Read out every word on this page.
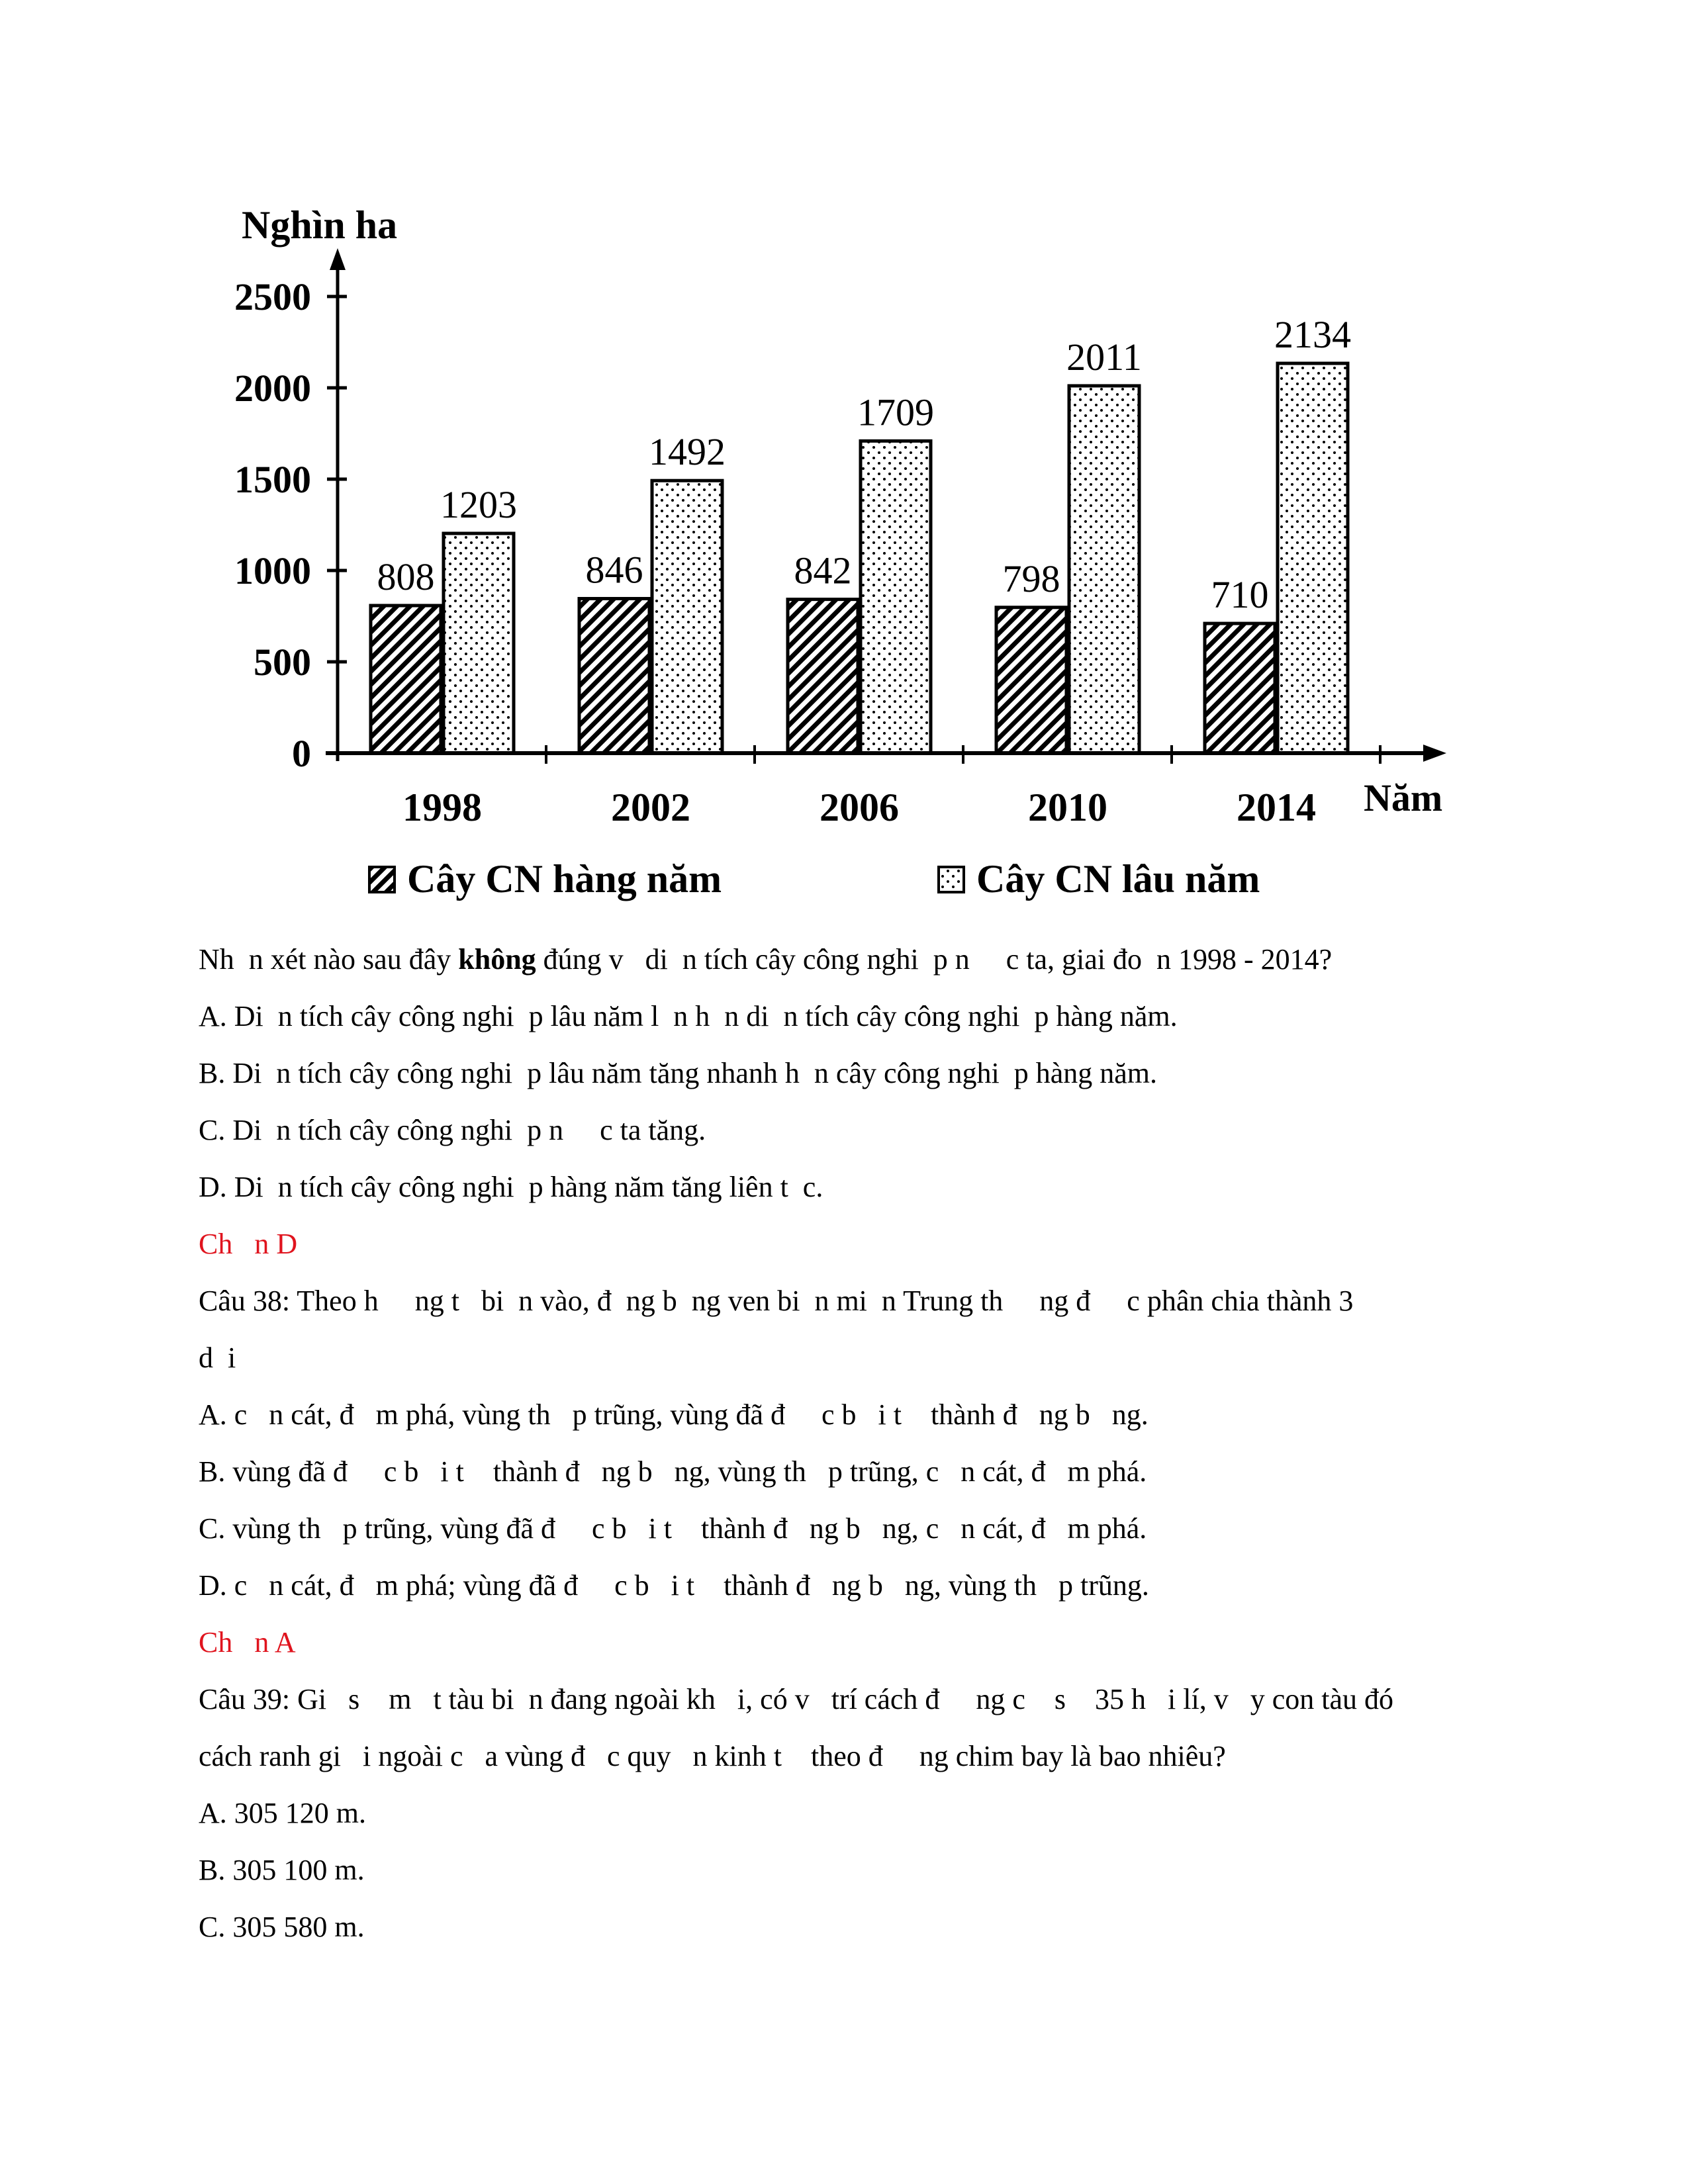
Nghìn ha
0
500
1000
1500
2000
2500
808
1203
846
1492
842
1709
798
2011
710
2134
1998	2002	2006	2010	2014 Năm
Cây CN hàng năm	Cây CN lâu năm
Nh  n xét nào sau đây không đúng v   di  n tích cây công nghi  p n     c ta, giai đo  n 1998 - 2014?
A. Di  n tích cây công nghi  p lâu năm l  n h  n di  n tích cây công nghi  p hàng năm.
B. Di  n tích cây công nghi  p lâu năm tăng nhanh h  n cây công nghi  p hàng năm.
C. Di  n tích cây công nghi  p n     c ta tăng.
D. Di  n tích cây công nghi  p hàng năm tăng liên t  c.
Ch   n D
Câu 38: Theo h     ng t   bi  n vào, đ  ng b  ng ven bi  n mi  n Trung th     ng đ     c phân chia thành 3
d  i
A. c   n cát, đ   m phá, vùng th   p trũng, vùng đã đ     c b   i t    thành đ   ng b   ng.
B. vùng đã đ     c b   i t    thành đ   ng b   ng, vùng th   p trũng, c   n cát, đ   m phá.
C. vùng th   p trũng, vùng đã đ     c b   i t    thành đ   ng b   ng, c   n cát, đ   m phá.
D. c   n cát, đ   m phá; vùng đã đ     c b   i t    thành đ   ng b   ng, vùng th   p trũng.
Ch   n A
Câu 39: Gi   s    m   t tàu bi  n đang ngoài kh   i, có v   trí cách đ     ng c    s    35 h   i lí, v   y con tàu đó
cách ranh gi   i ngoài c   a vùng đ   c quy   n kinh t    theo đ     ng chim bay là bao nhiêu?
A. 305 120 m.
B. 305 100 m.
C. 305 580 m.
